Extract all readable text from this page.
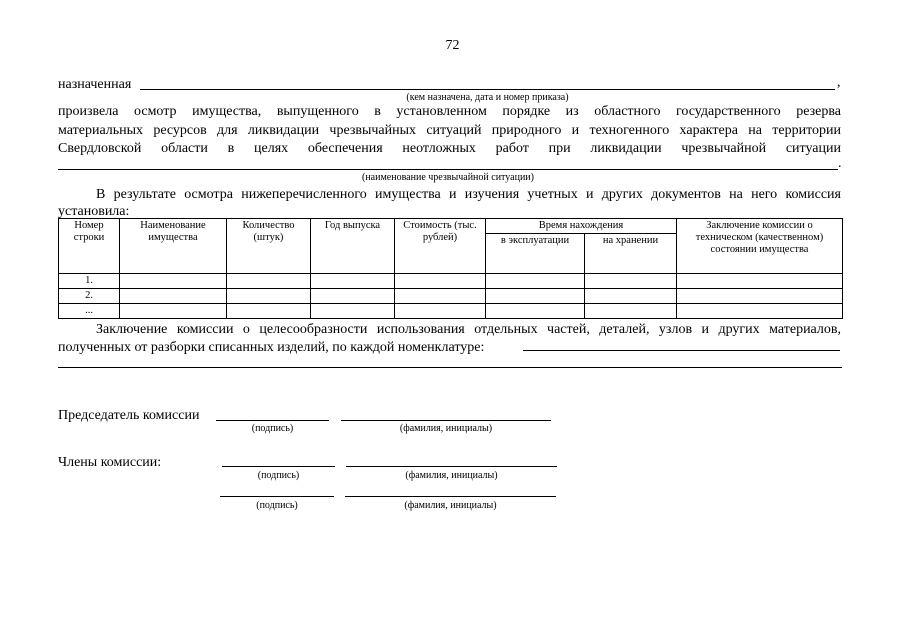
72
назначенная	,
(кем назначена, дата и номер приказа)
произвела осмотр имущества, выпущенного в установленном порядке из областного государственного резерва
материальных ресурсов для ликвидации чрезвычайных ситуаций природного и техногенного характера на территории
Свердловской области в целях обеспечения неотложных работ при ликвидации чрезвычайной ситуации
.
(наименование чрезвычайной ситуации)
В результате осмотра нижеперечисленного имущества и изучения учетных и других документов на него комиссия
установила:
Номер строки	Наименование имущества	Количество (штук)	Год выпуска	Стоимость (тыс. рублей)	Время нахождения		Заключение комиссии о техническом (качественном) состоянии имущества
					в эксплуатации	на хранении	
1.							
2.							
...							
Заключение комиссии о целесообразности использования отдельных частей, деталей, узлов и других материалов,
полученных от разборки списанных изделий, по каждой номенклатуре:
Председатель комиссии
(подпись)	(фамилия, инициалы)
Члены комиссии:
(подпись)	(фамилия, инициалы)
(подпись)	(фамилия, инициалы)
